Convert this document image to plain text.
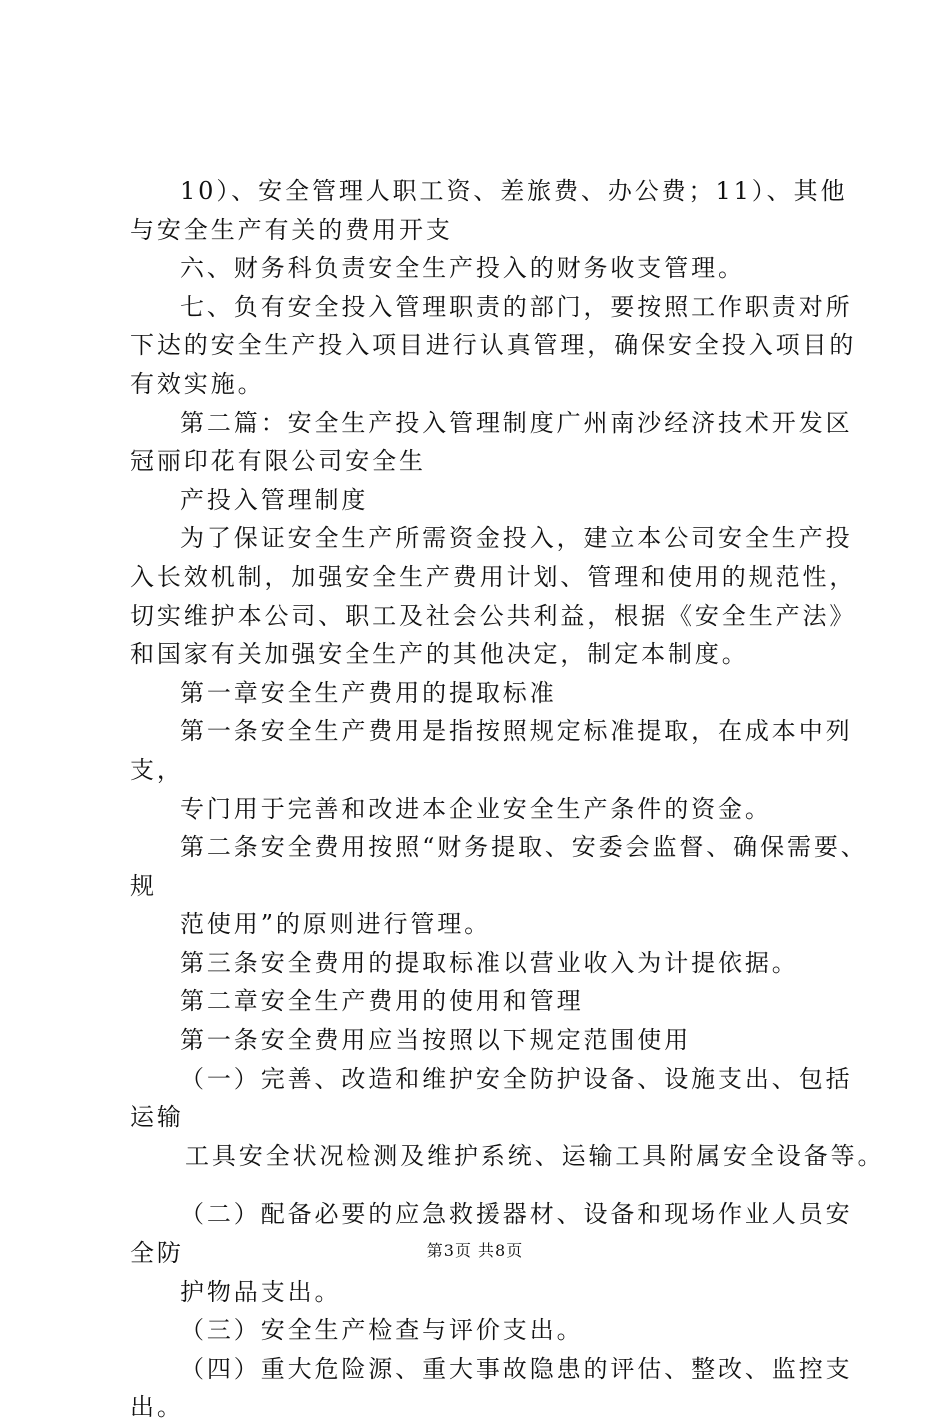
10）、安全管理人职工资、差旅费、办公费；11）、其他
与安全生产有关的费用开支
六、财务科负责安全生产投入的财务收支管理。
七、负有安全投入管理职责的部门，要按照工作职责对所
下达的安全生产投入项目进行认真管理，确保安全投入项目的
有效实施。
第二篇：安全生产投入管理制度广州南沙经济技术开发区
冠丽印花有限公司安全生
产投入管理制度
为了保证安全生产所需资金投入，建立本公司安全生产投
入长效机制，加强安全生产费用计划、管理和使用的规范性，
切实维护本公司、职工及社会公共利益，根据《安全生产法》
和国家有关加强安全生产的其他决定，制定本制度。
第一章安全生产费用的提取标准
第一条安全生产费用是指按照规定标准提取，在成本中列
支，
专门用于完善和改进本企业安全生产条件的资金。
第二条安全费用按照“财务提取、安委会监督、确保需要、
规
范使用”的原则进行管理。
第三条安全费用的提取标准以营业收入为计提依据。
第二章安全生产费用的使用和管理
第一条安全费用应当按照以下规定范围使用
（一）完善、改造和维护安全防护设备、设施支出、包括
运输
工具安全状况检测及维护系统、运输工具附属安全设备等。
（二）配备必要的应急救援器材、设备和现场作业人员安
全防
护物品支出。
（三）安全生产检查与评价支出。
（四）重大危险源、重大事故隐患的评估、整改、监控支
出。
第3页 共8页
